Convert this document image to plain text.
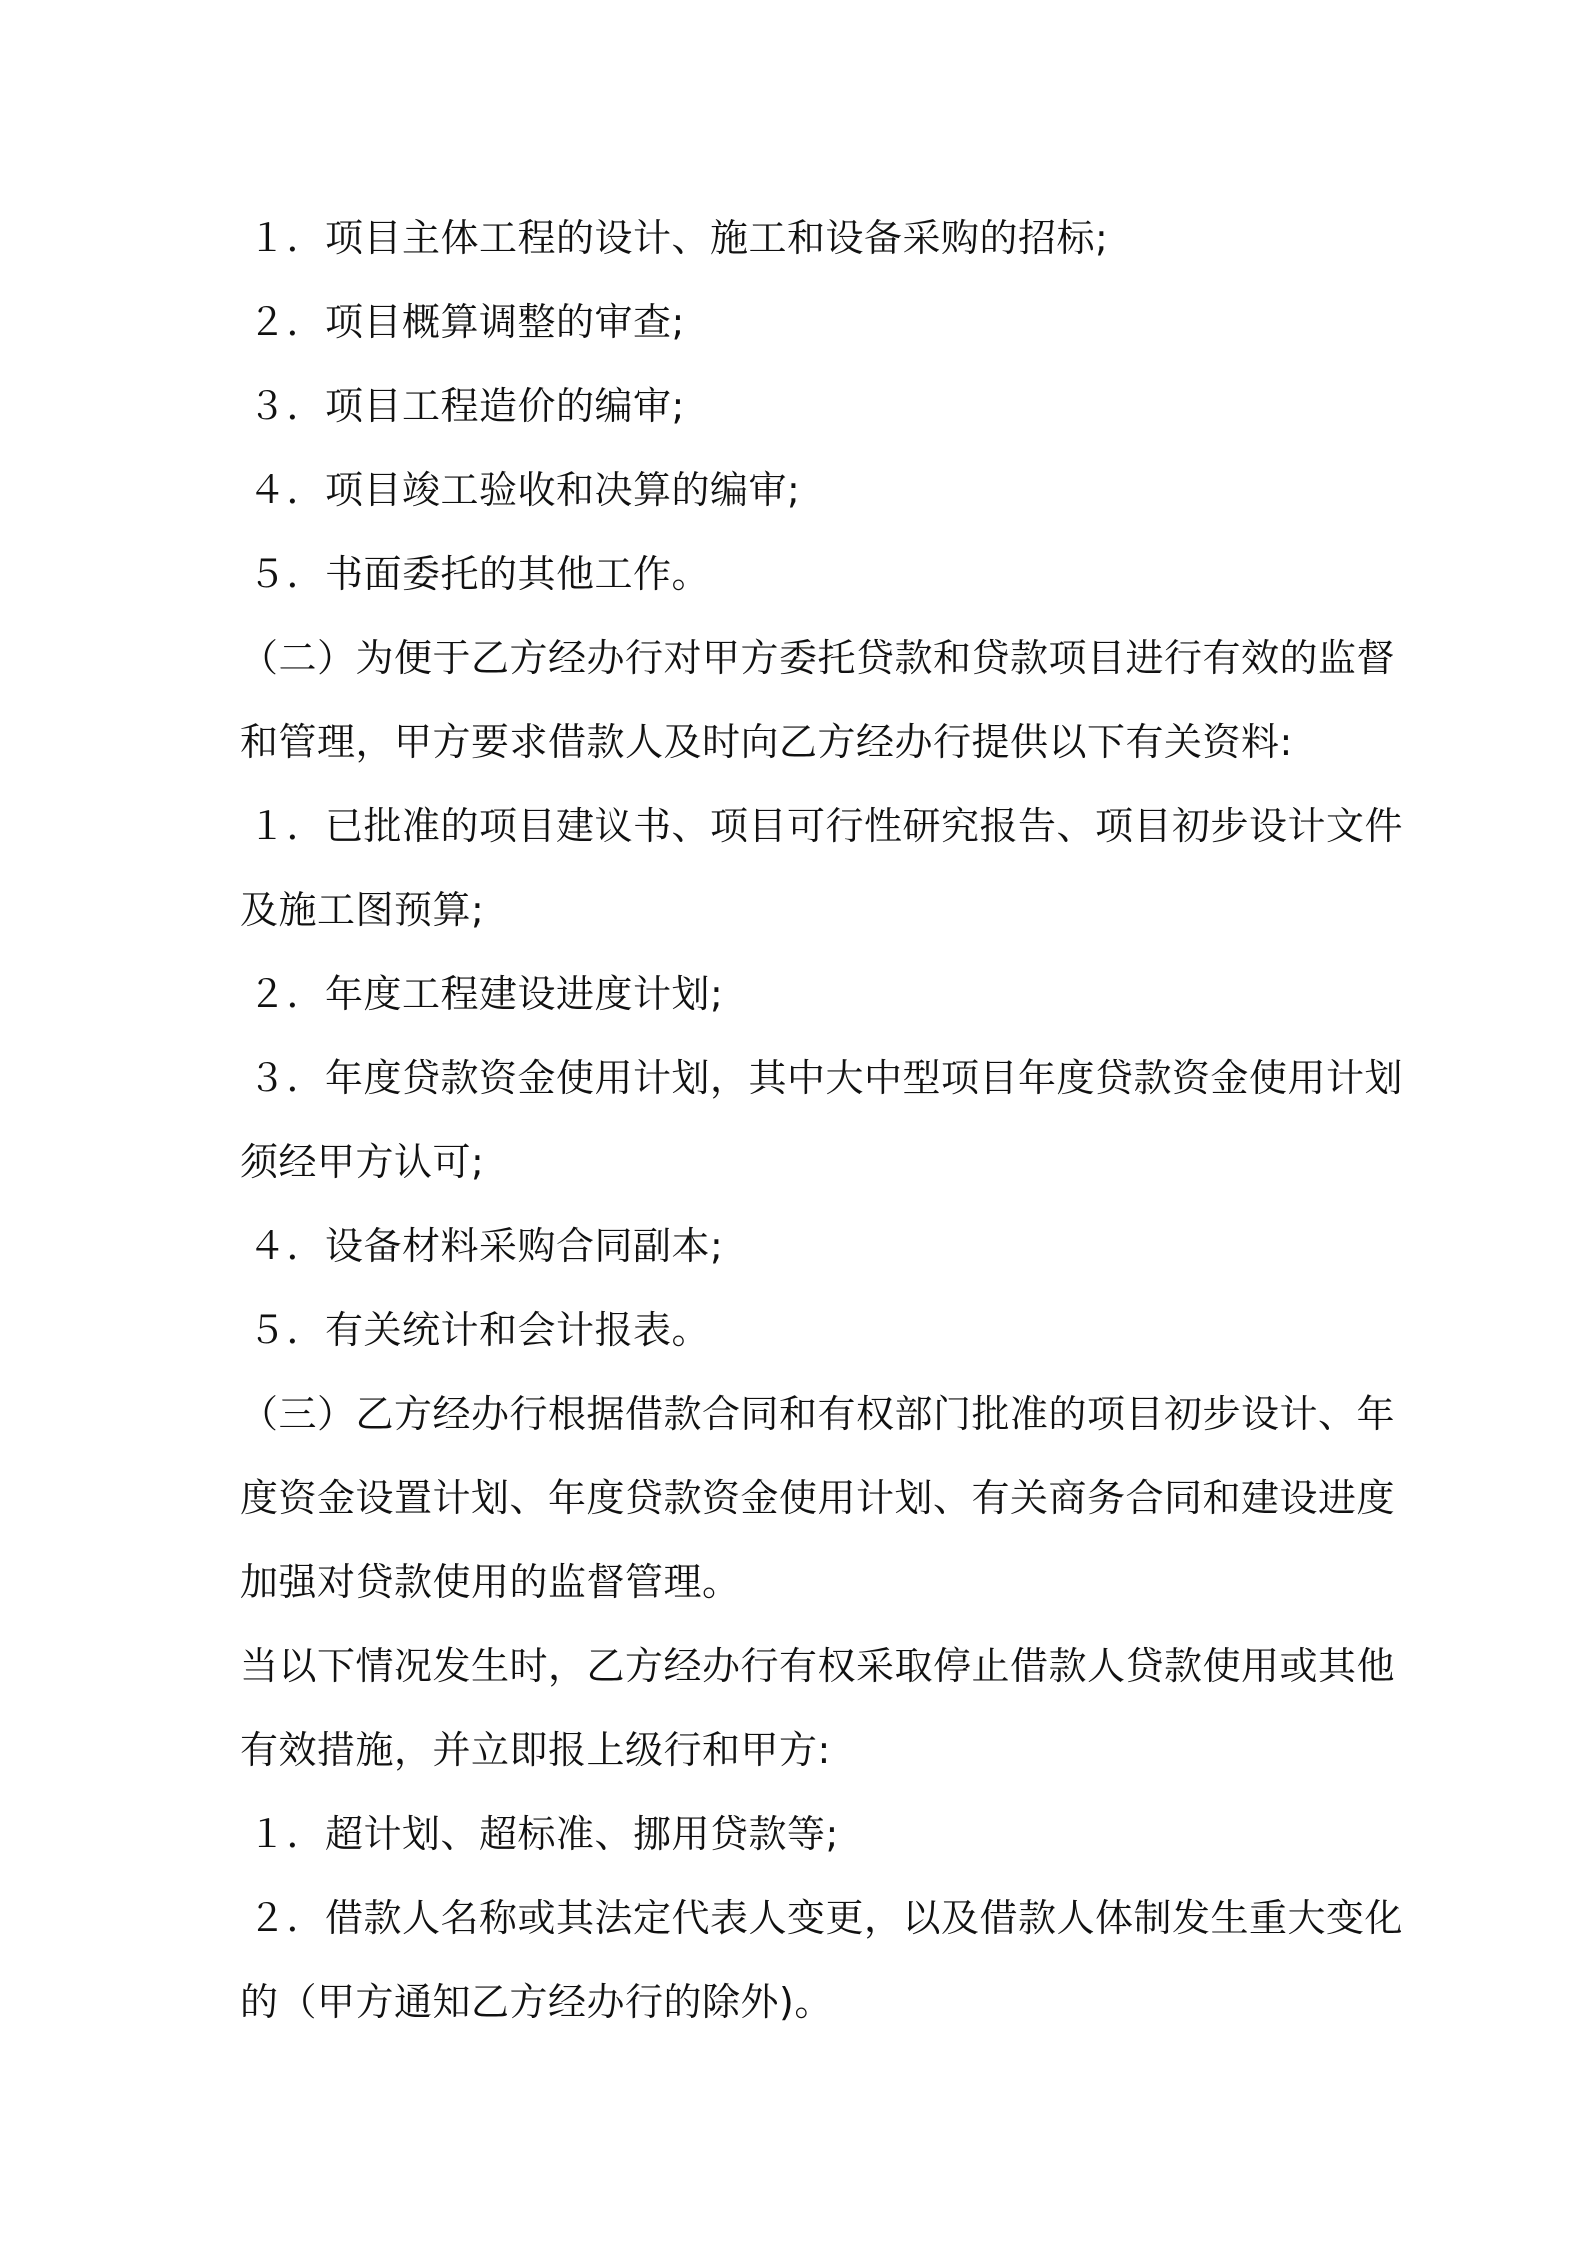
１．项目主体工程的设计、施工和设备采购的招标;
２．项目概算调整的审查;
３．项目工程造价的编审;
４．项目竣工验收和决算的编审;
５．书面委托的其他工作。
（二）为便于乙方经办行对甲方委托贷款和贷款项目进行有效的监督
和管理，甲方要求借款人及时向乙方经办行提供以下有关资料:
１．已批准的项目建议书、项目可行性研究报告、项目初步设计文件
及施工图预算;
２．年度工程建设进度计划;
３．年度贷款资金使用计划，其中大中型项目年度贷款资金使用计划
须经甲方认可;
４．设备材料采购合同副本;
５．有关统计和会计报表。
（三）乙方经办行根据借款合同和有权部门批准的项目初步设计、年
度资金设置计划、年度贷款资金使用计划、有关商务合同和建设进度
加强对贷款使用的监督管理。
当以下情况发生时，乙方经办行有权采取停止借款人贷款使用或其他
有效措施，并立即报上级行和甲方:
１．超计划、超标准、挪用贷款等;
２．借款人名称或其法定代表人变更，以及借款人体制发生重大变化
的（甲方通知乙方经办行的除外)。
